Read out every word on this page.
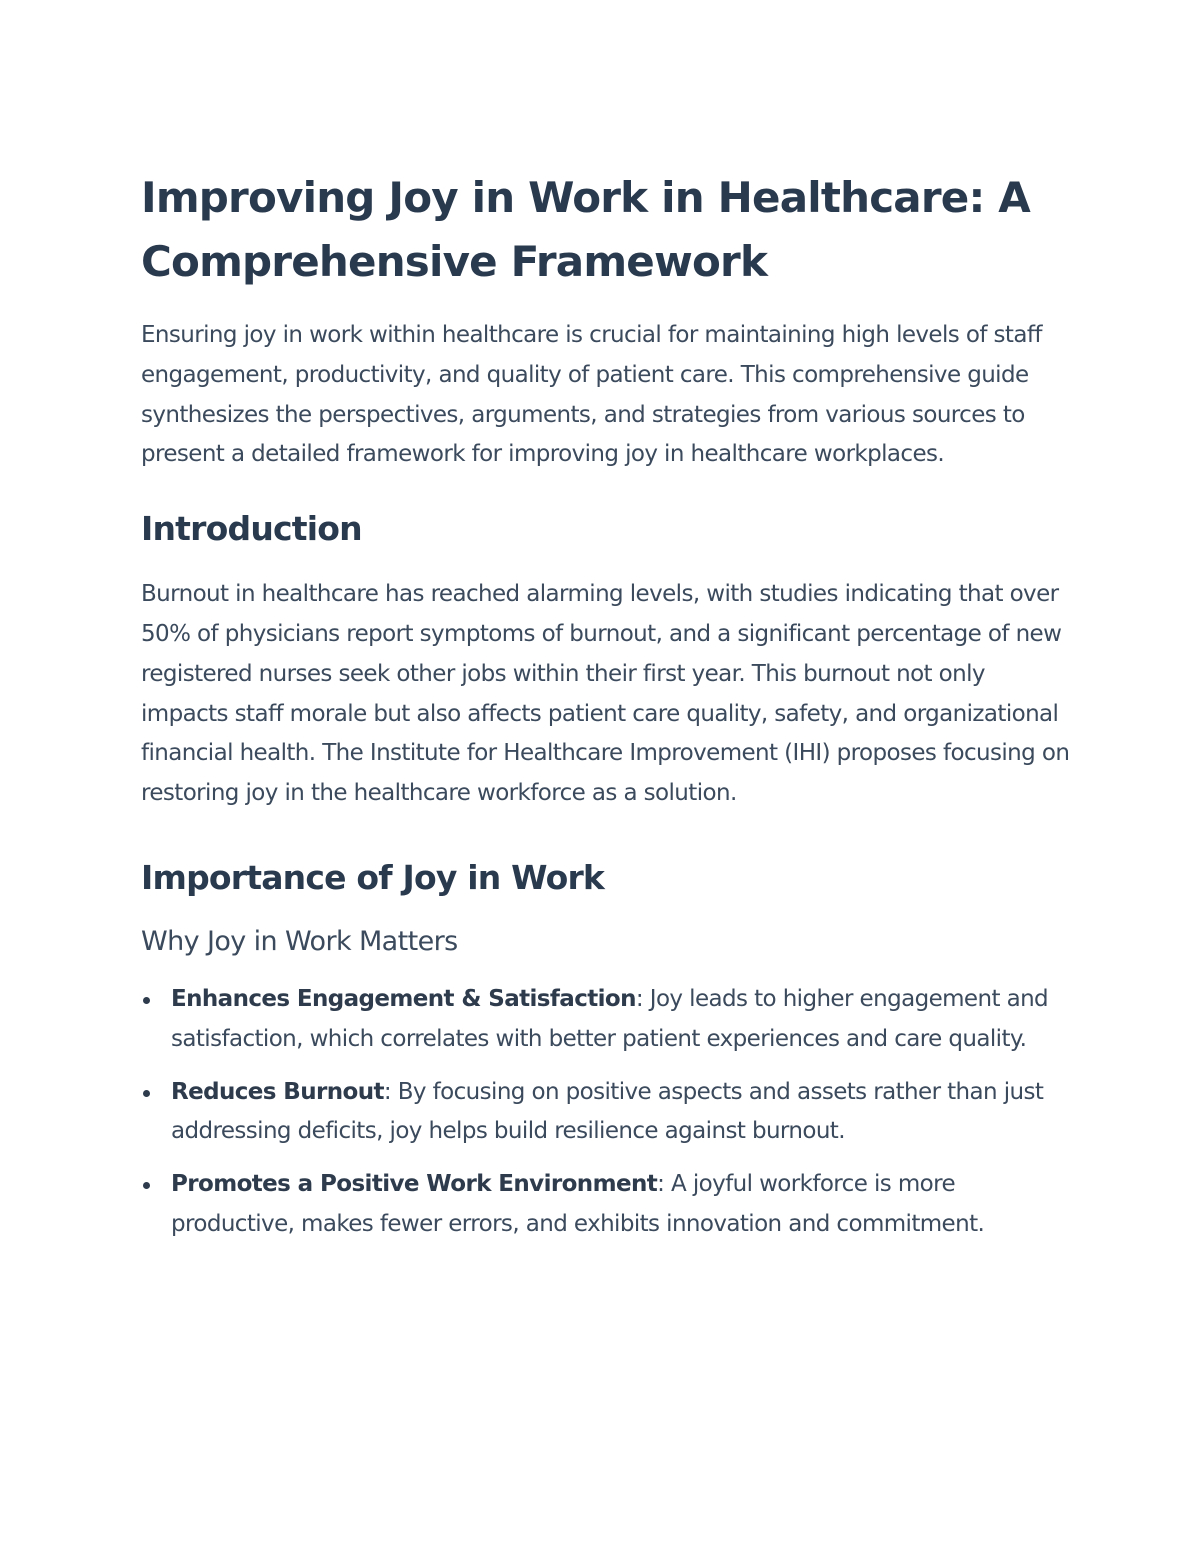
Improving Joy in Work in Healthcare: A Comprehensive Framework

Ensuring joy in work within healthcare is crucial for maintaining high levels of staff engagement, productivity, and quality of patient care. This comprehensive guide synthesizes the perspectives, arguments, and strategies from various sources to present a detailed framework for improving joy in healthcare workplaces.

Introduction

Burnout in healthcare has reached alarming levels, with studies indicating that over 50% of physicians report symptoms of burnout, and a significant percentage of new registered nurses seek other jobs within their first year. This burnout not only impacts staff morale but also affects patient care quality, safety, and organizational financial health. The Institute for Healthcare Improvement (IHI) proposes focusing on restoring joy in the healthcare workforce as a solution.

Importance of Joy in Work
Why Joy in Work Matters
Enhances Engagement & Satisfaction: Joy leads to higher engagement and satisfaction, which correlates with better patient experiences and care quality.
Reduces Burnout: By focusing on positive aspects and assets rather than just addressing deficits, joy helps build resilience against burnout.
Promotes a Positive Work Environment: A joyful workforce is more productive, makes fewer errors, and exhibits innovation and commitment.
